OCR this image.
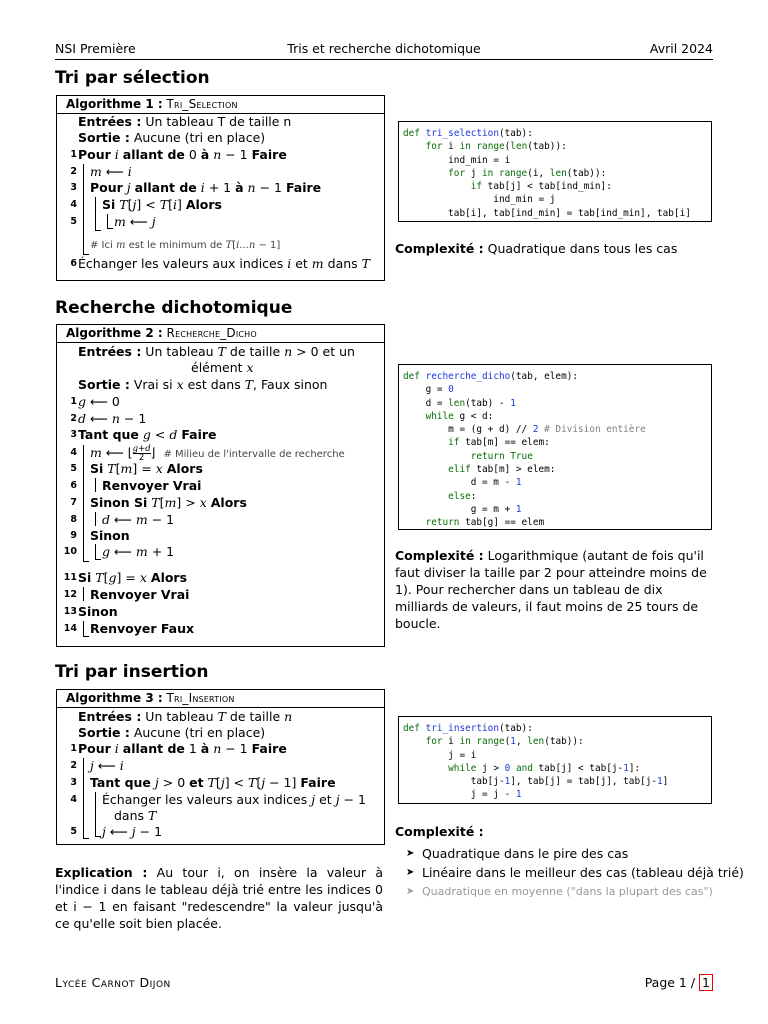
NSI Première	Tris et recherche dichotomique	Avril 2024
Tri par sélection
Algorithme 1 : Tri_Selection
Entrées : Un tableau T de taille n
Sortie : Aucune (tri en place)
1 Pour i allant de 0 à n − 1 Faire
2 m ⟵ i
3 Pour j allant de i + 1 à n − 1 Faire
4 Si T[j] < T[i] Alors
5	m ⟵ j
# Ici m est le minimum de T[i...n − 1]
6 Échanger les valeurs aux indices i et m dans T
def tri_selection(tab):
for i in range(len(tab)):
ind_min = i
for j in range(i, len(tab)):
if tab[j] < tab[ind_min]:
ind_min = j
tab[i], tab[ind_min] = tab[ind_min], tab[i]
Complexité : Quadratique dans tous les cas
Recherche dichotomique
Algorithme 2 : Recherche_Dicho
Entrées : Un tableau T de taille n > 0 et un
élément x
Sortie : Vrai si x est dans T, Faux sinon
1 g ⟵ 0
2 d ⟵ n − 1
3 Tant que g < d Faire
4 m ⟵ ⌊g+d

2 ⌋  # Milieu de l'intervalle de recherche
5 Si T[m] = x Alors
6 Renvoyer Vrai
7 Sinon Si T[m] > x Alors
8 d ⟵ m − 1
9 Sinon
10 g ⟵ m + 1
11 Si T[g] = x Alors
12 Renvoyer Vrai
13 Sinon
14 Renvoyer Faux
def recherche_dicho(tab, elem):
g = 0
d = len(tab) - 1
while g < d:
m = (g + d) // 2 # Division entière
if tab[m] == elem:
return True
elif tab[m] > elem:
d = m - 1
else:
g = m + 1
return tab[g] == elem
Complexité : Logarithmique (autant de fois qu'il faut diviser la taille par 2 pour atteindre moins de 1). Pour rechercher dans un tableau de dix milliards de valeurs, il faut moins de 25 tours de boucle.
Tri par insertion
Algorithme 3 : Tri_Insertion
Entrées : Un tableau T de taille n
Sortie : Aucune (tri en place)
1 Pour i allant de 1 à n − 1 Faire
2 j ⟵ i
3 Tant que j > 0 et T[j] < T[j − 1] Faire
4 Échanger les valeurs aux indices j et j − 1
dans T
5 j ⟵ j − 1
def tri_insertion(tab):
for i in range(1, len(tab)):
j = i
while j > 0 and tab[j] < tab[j-1]:
tab[j-1], tab[j] = tab[j], tab[j-1]
j = j - 1
Explication : Au tour i, on insère la valeur à l'indice i dans le tableau déjà trié entre les indices 0 et i − 1 en faisant "redescendre" la valeur jusqu'à ce qu'elle soit bien placée.
Complexité :
➤ Quadratique dans le pire des cas
➤ Linéaire dans le meilleur des cas (tableau déjà trié)
➤ Quadratique en moyenne ("dans la plupart des cas")
Lycée Carnot Dijon	Page 1 / 1
